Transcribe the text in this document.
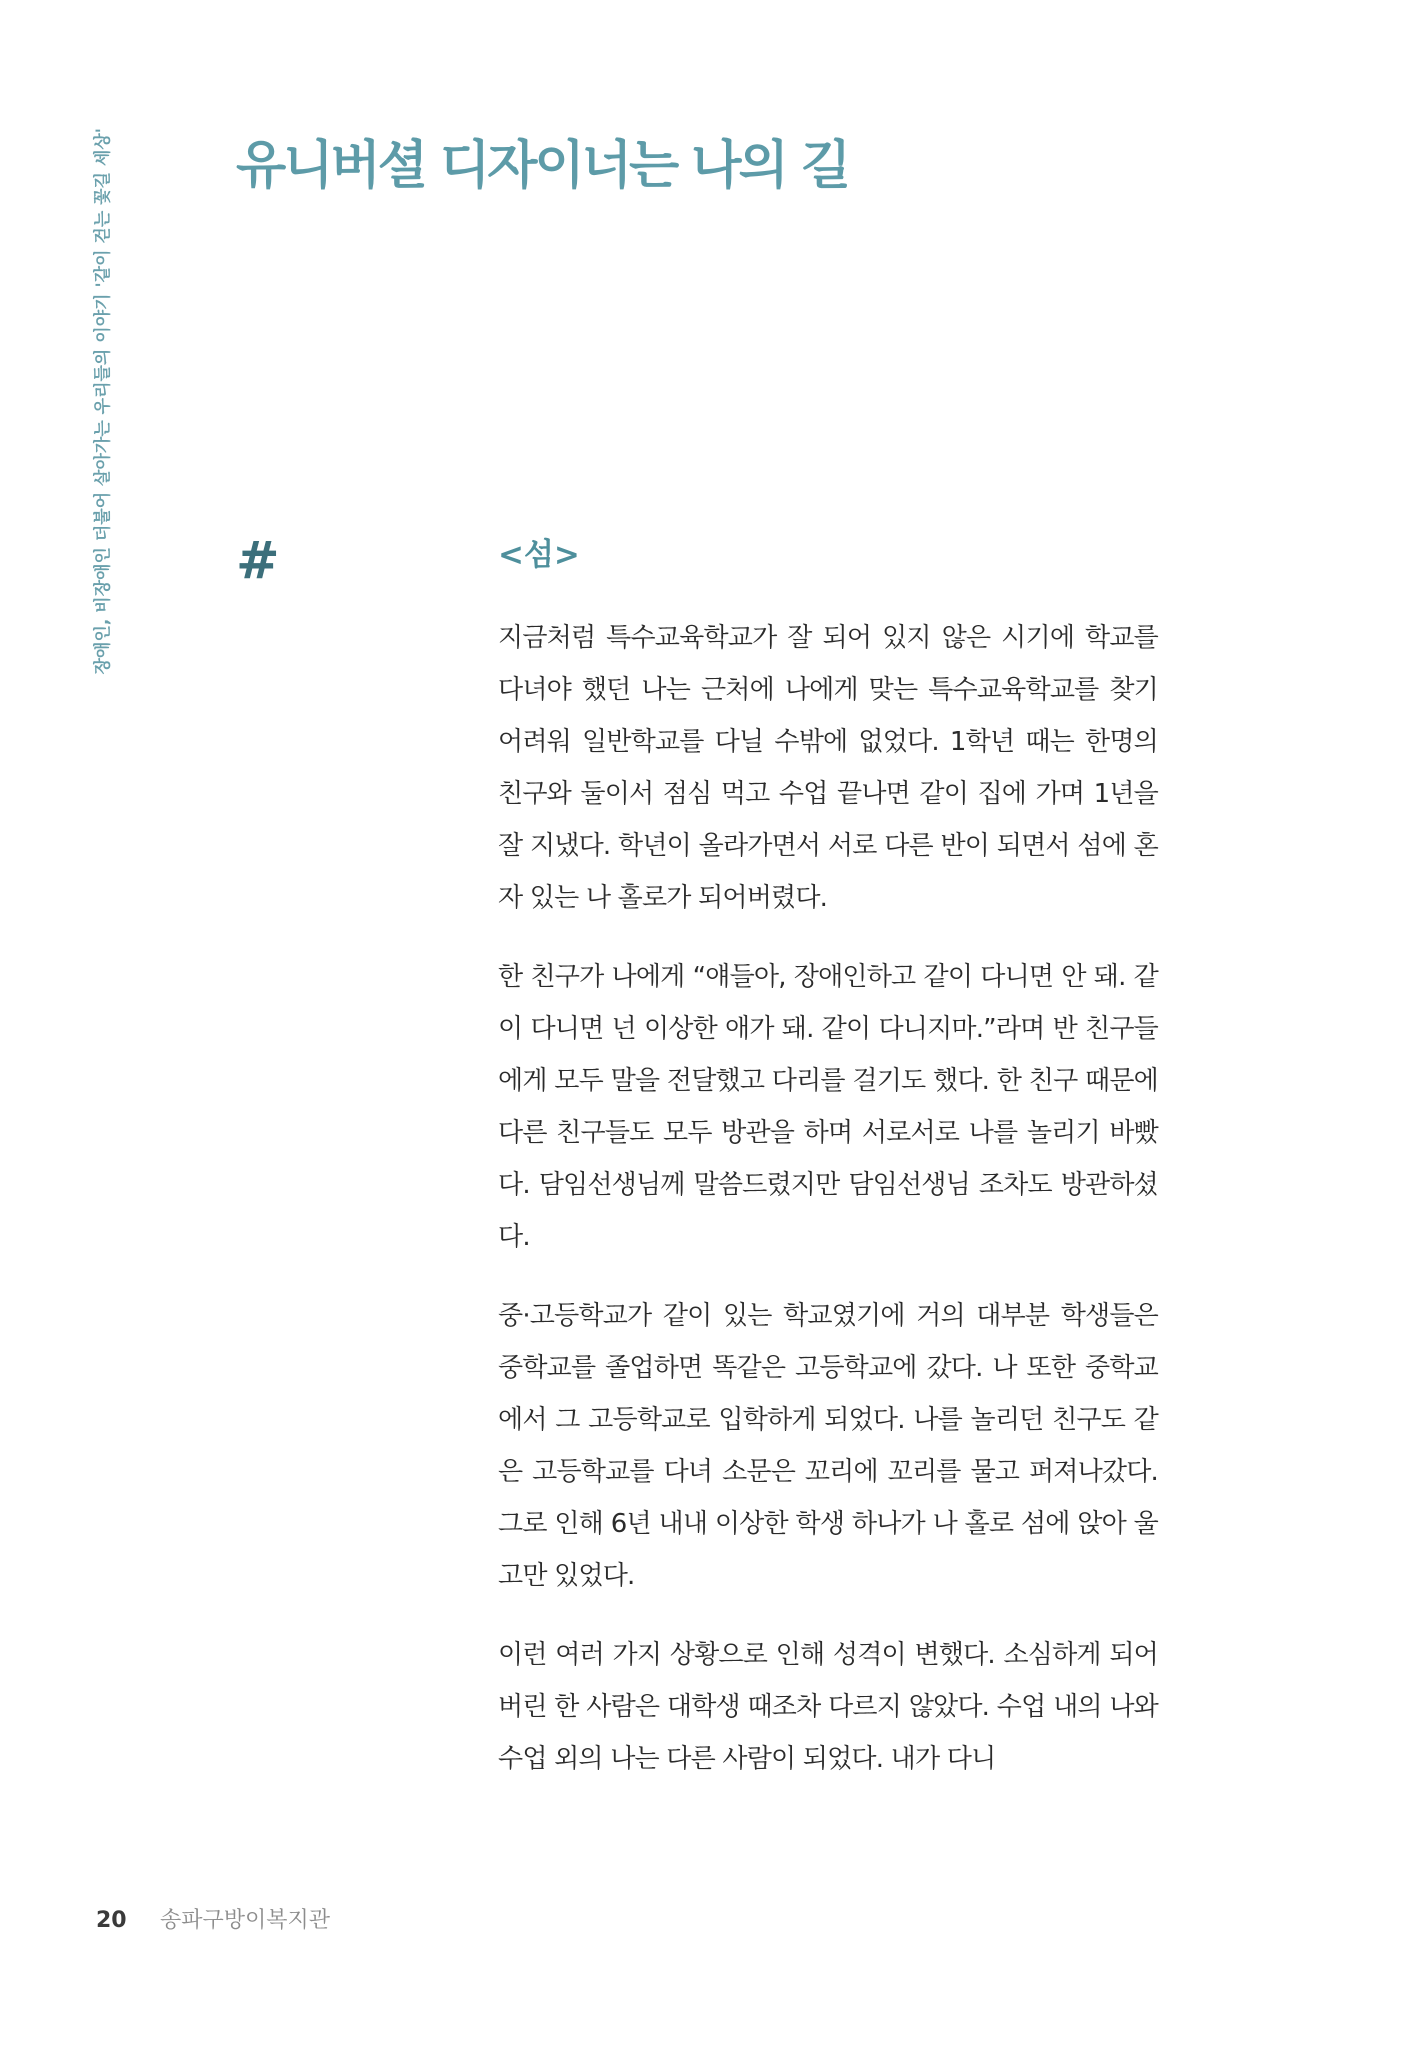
장애인, 비장애인 더불어 살아가는 우리들의 이야기 '같이 걷는 꽃길 세상' 유니버셜 디자이너는 나의 길
#	<섬>

지금처럼 특수교육학교가 잘 되어 있지 않은 시기에 학교를 다녀야 했던 나는 근처에 나에게 맞는 특수교육학교를 찾기 어려워 일반학교를 다닐 수밖에 없었다. 1학년 때는 한명의 친구와 둘이서 점심 먹고 수업 끝나면 같이 집에 가며 1년을 잘 지냈다. 학년이 올라가면서 서로 다른 반이 되면서 섬에 혼자 있는 나 홀로가 되어버렸다.

한 친구가 나에게 “얘들아, 장애인하고 같이 다니면 안 돼. 같이 다니면 넌 이상한 애가 돼. 같이 다니지마.”라며 반 친구들에게 모두 말을 전달했고 다리를 걸기도 했다. 한 친구 때문에 다른 친구들도 모두 방관을 하며 서로서로 나를 놀리기 바빴다. 담임선생님께 말씀드렸지만 담임선생님 조차도 방관하셨다.

중·고등학교가 같이 있는 학교였기에 거의 대부분 학생들은 중학교를 졸업하면 똑같은 고등학교에 갔다. 나 또한 중학교에서 그 고등학교로 입학하게 되었다. 나를 놀리던 친구도 같은 고등학교를 다녀 소문은 꼬리에 꼬리를 물고 퍼져나갔다. 그로 인해 6년 내내 이상한 학생 하나가 나 홀로 섬에 앉아 울고만 있었다.

이런 여러 가지 상황으로 인해 성격이 변했다. 소심하게 되어버린 한 사람은 대학생 때조차 다르지 않았다. 수업 내의 나와 수업 외의 나는 다른 사람이 되었다. 내가 다니

20 송파구방이복지관
